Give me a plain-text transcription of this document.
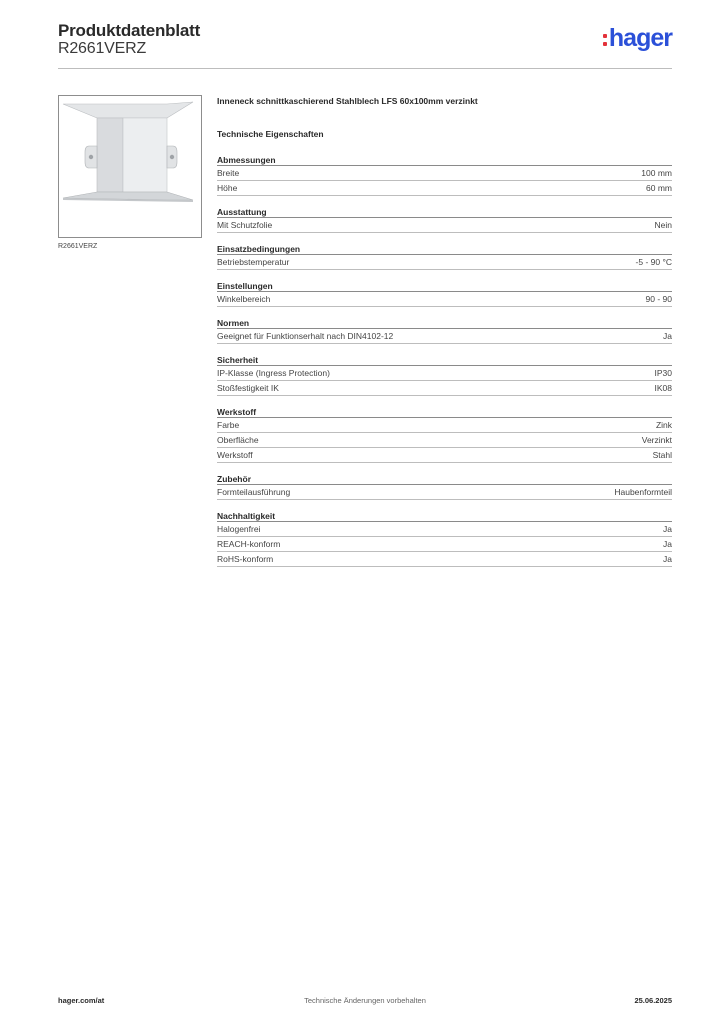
Produktdatenblatt
R2661VERZ	hager
R2661VERZ
Inneneck schnittkaschierend Stahlblech LFS 60x100mm verzinkt
Technische Eigenschaften
Abmessungen
Breite	100 mm
Höhe	60 mm
Ausstattung
Mit Schutzfolie	Nein
Einsatzbedingungen
Betriebstemperatur	-5 - 90 °C
Einstellungen
Winkelbereich	90 - 90
Normen
Geeignet für Funktionserhalt nach DIN4102-12	Ja
Sicherheit
IP-Klasse (Ingress Protection)	IP30
Stoßfestigkeit IK	IK08
Werkstoff
Farbe	Zink
Oberfläche	Verzinkt
Werkstoff	Stahl
Zubehör
Formteilausführung	Haubenformteil
Nachhaltigkeit
Halogenfrei	Ja
REACH-konform	Ja
RoHS-konform	Ja
hager.com/at	Technische Änderungen vorbehalten	25.06.2025
